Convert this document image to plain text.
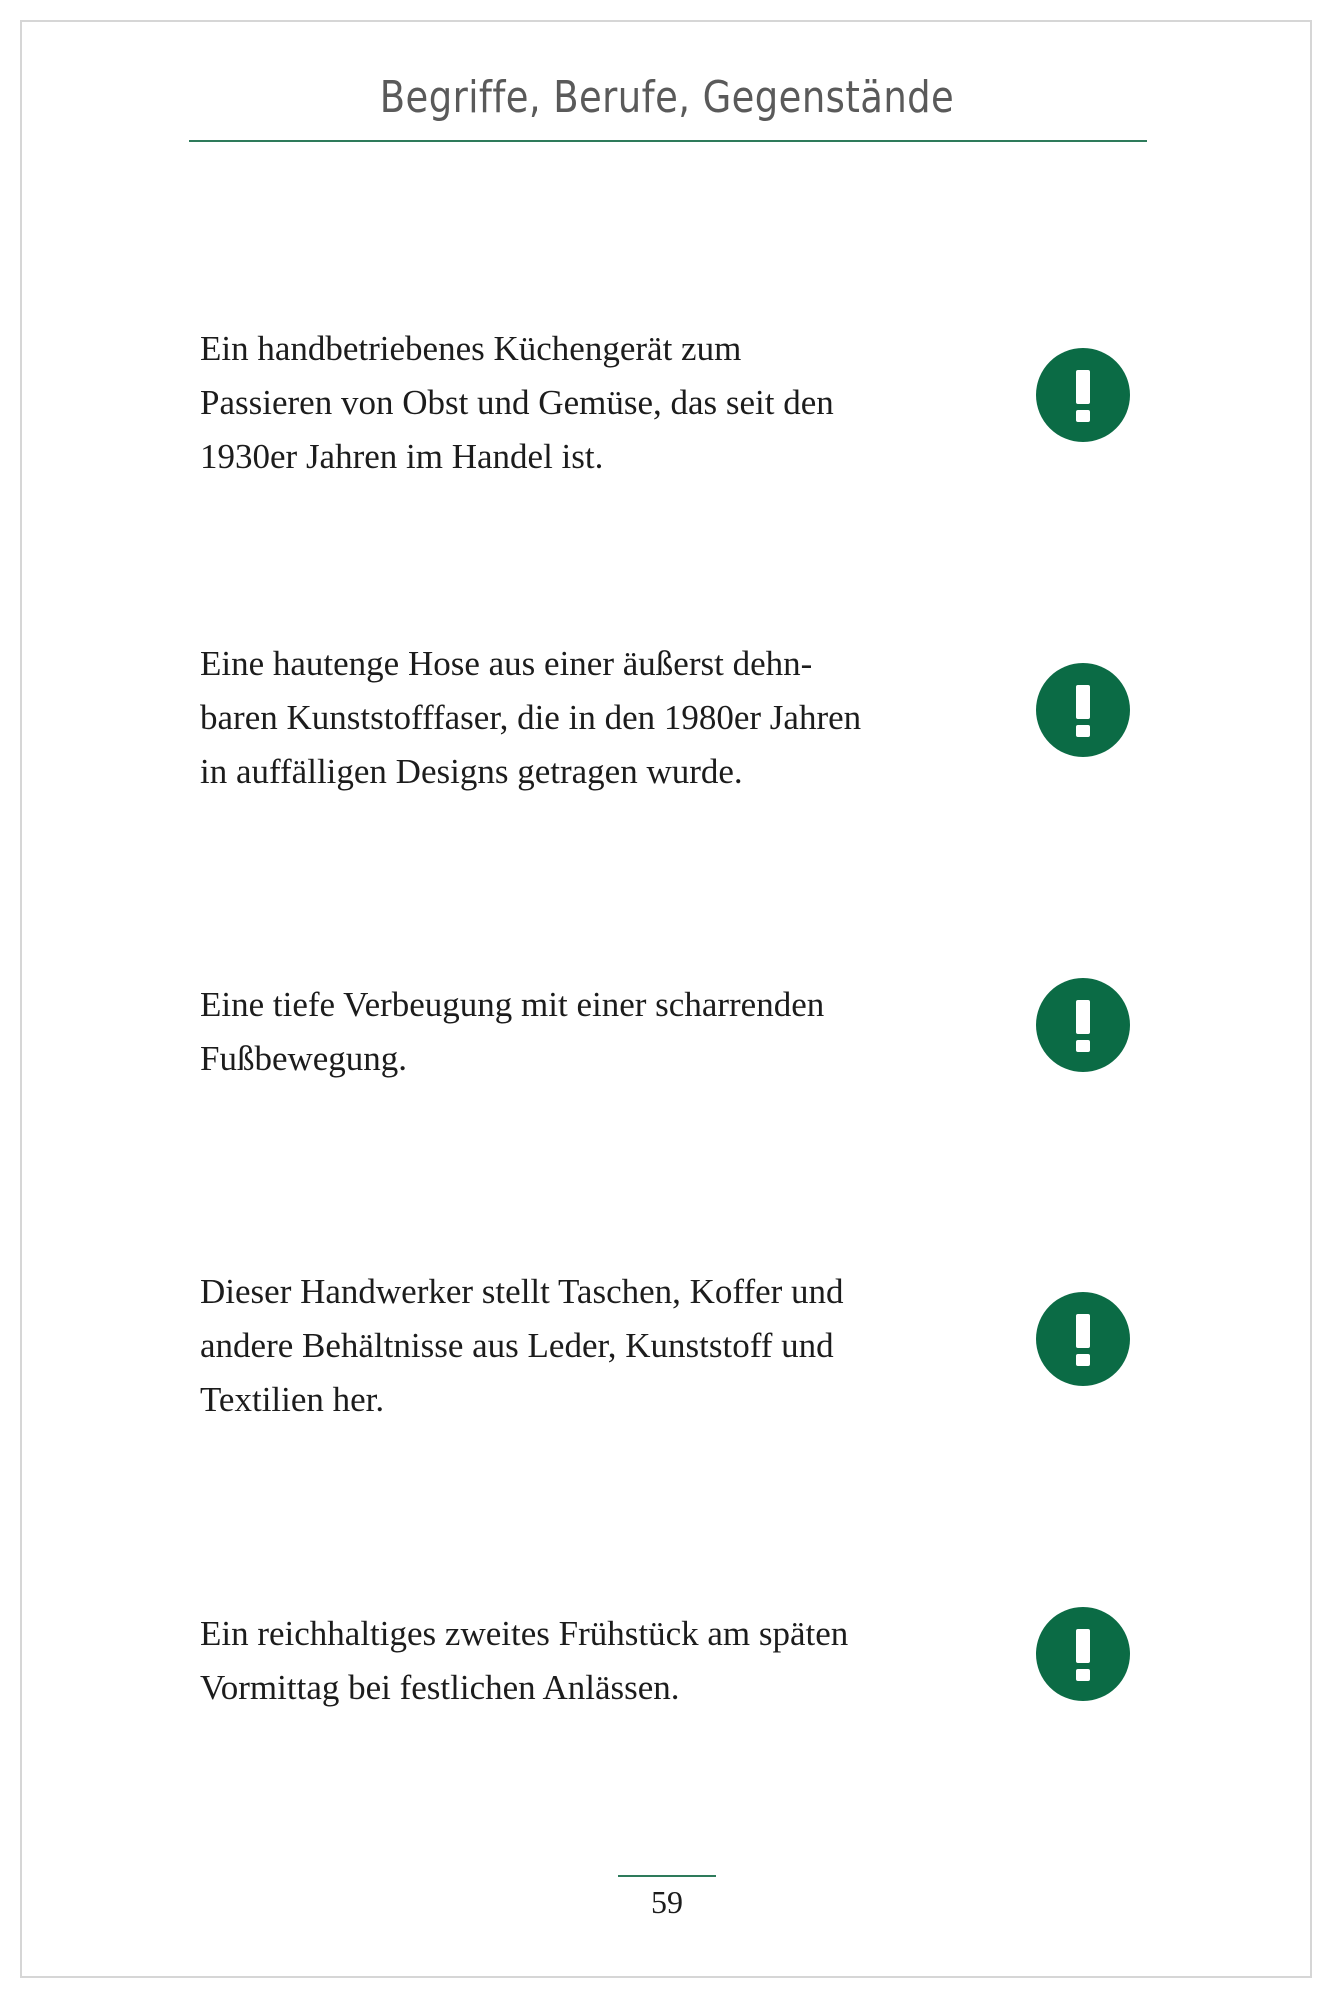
Begriffe, Berufe, Gegenstände
Ein handbetriebenes Küchengerät zum
Passieren von Obst und Gemüse, das seit den
1930er Jahren im Handel ist.
Eine hautenge Hose aus einer äußerst dehn-
baren Kunststofffaser, die in den 1980er Jahren
in auffälligen Designs getragen wurde.
Eine tiefe Verbeugung mit einer scharrenden
Fußbewegung.
Dieser Handwerker stellt Taschen, Koffer und
andere Behältnisse aus Leder, Kunststoff und
Textilien her.
Ein reichhaltiges zweites Frühstück am späten
Vormittag bei festlichen Anlässen.
59
